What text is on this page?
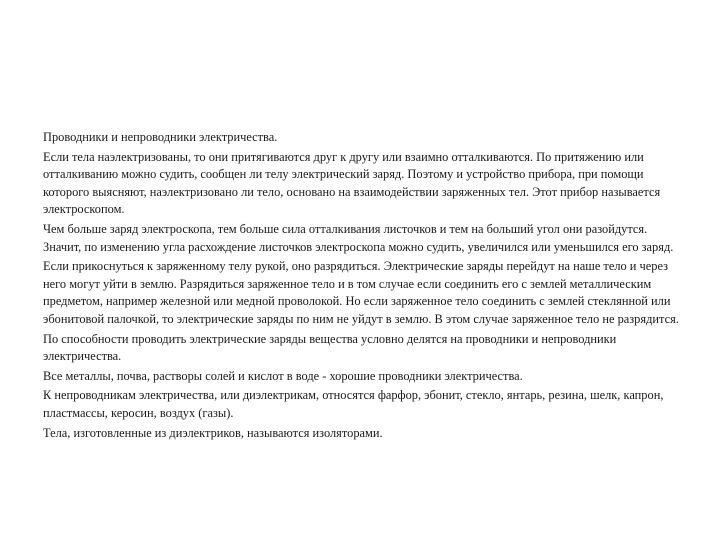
Проводники и непроводники электричества.

Если тела наэлектризованы, то они притягиваются друг к другу или взаимно отталкиваются. По притяжению или отталкиванию можно судить, сообщен ли телу электрический заряд. Поэтому и устройство прибора, при помощи которого выясняют, наэлектризовано ли тело, основано на взаимодействии заряженных тел. Этот прибор называется электроскопом.

Чем больше заряд электроскопа, тем больше сила отталкивания листочков и тем на больший угол они разойдутся. Значит, по изменению угла расхождение листочков электроскопа можно судить, увеличился или уменьшился его заряд.

Если прикоснуться к заряженному телу рукой, оно разрядиться. Электрические заряды перейдут на наше тело и через него могут уйти в землю. Разрядиться заряженное тело и в том случае если соединить его с землей металлическим предметом, например железной или медной проволокой. Но если заряженное тело соединить с землей стеклянной или эбонитовой палочкой, то электрические заряды по ним не уйдут в землю. В этом случае заряженное тело не разрядится.

По способности проводить электрические заряды вещества условно делятся на проводники и непроводники электричества.

Все металлы, почва, растворы солей и кислот в воде - хорошие проводники электричества.

К непроводникам электричества, или диэлектрикам, относятся фарфор, эбонит, стекло, янтарь, резина, шелк, капрон, пластмассы, керосин, воздух (газы).

Тела, изготовленные из диэлектриков, называются изоляторами.
